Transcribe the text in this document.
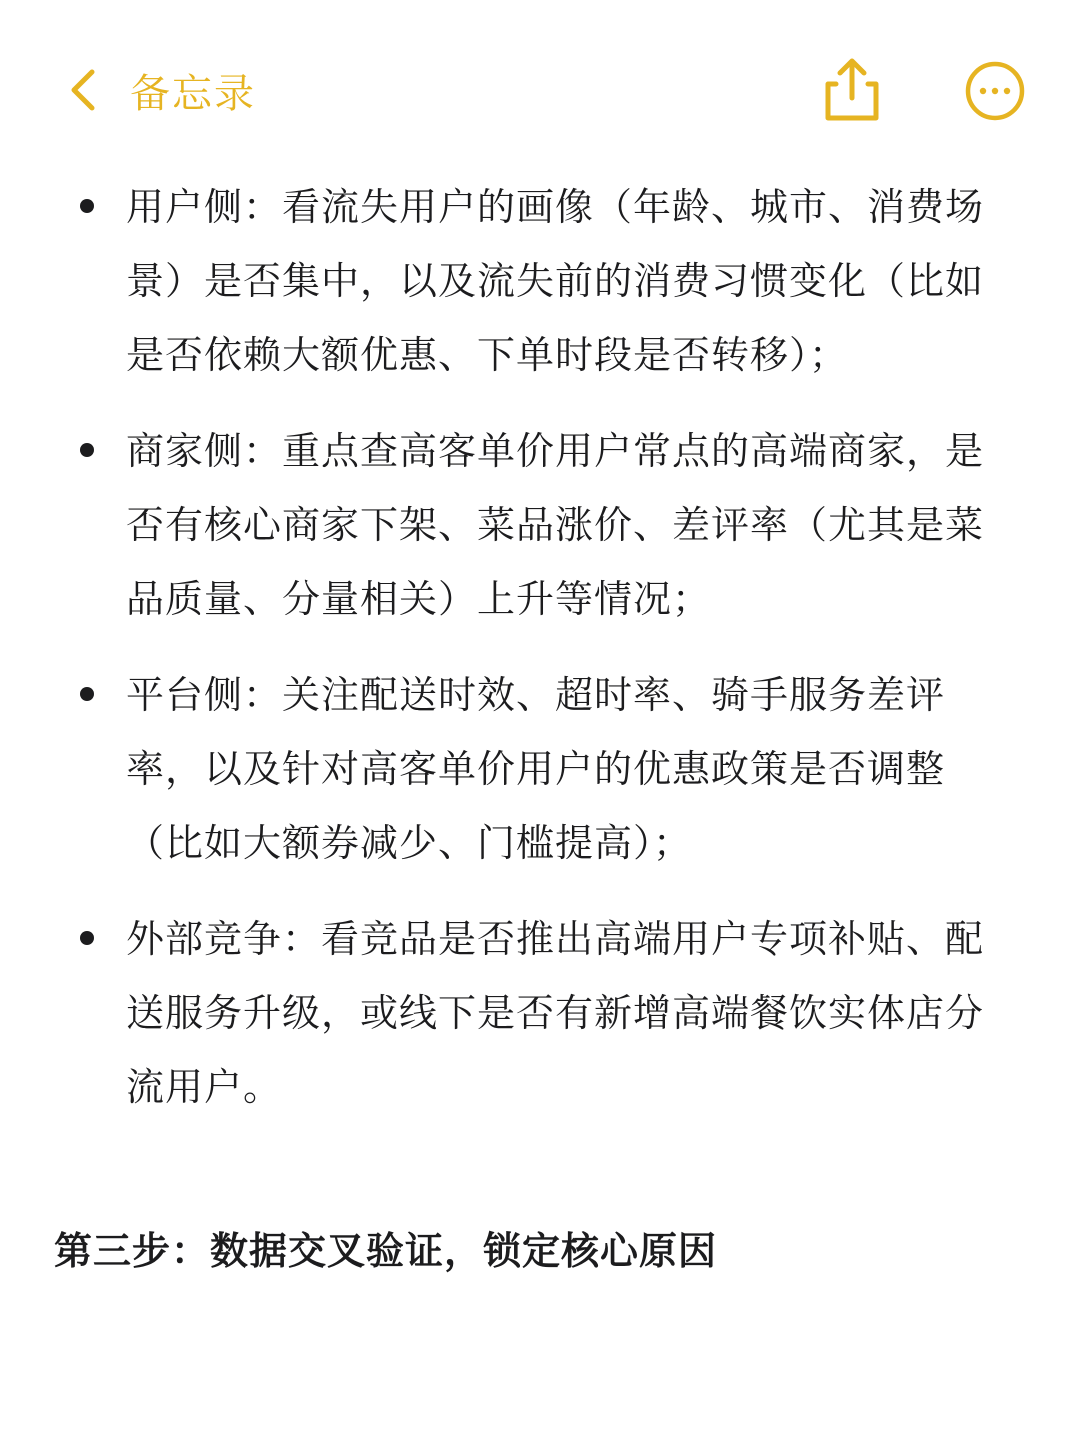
备忘录
用户侧：看流失用户的画像（年龄、城市、消费场景）是否集中，以及流失前的消费习惯变化（比如是否依赖大额优惠、下单时段是否转移）；
商家侧：重点查高客单价用户常点的高端商家，是否有核心商家下架、菜品涨价、差评率（尤其是菜品质量、分量相关）上升等情况；
平台侧：关注配送时效、超时率、骑手服务差评率，以及针对高客单价用户的优惠政策是否调整（比如大额券减少、门槛提高）；
外部竞争：看竞品是否推出高端用户专项补贴、配送服务升级，或线下是否有新增高端餐饮实体店分流用户。
第三步：数据交叉验证，锁定核心原因
